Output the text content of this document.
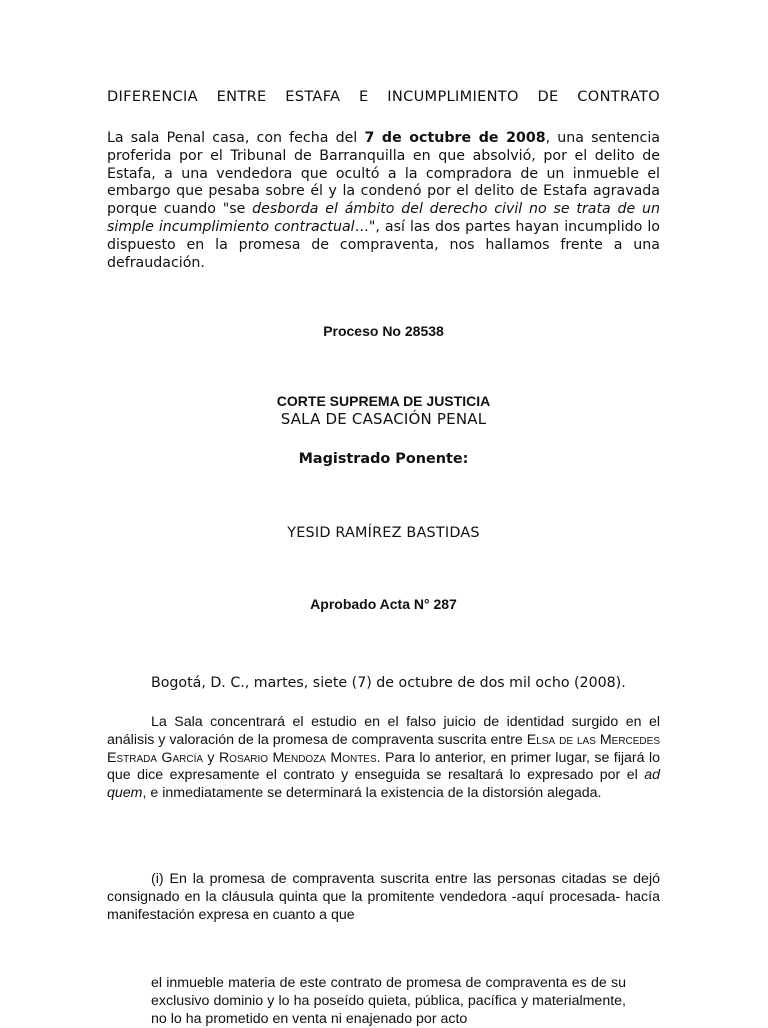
DIFERENCIA ENTRE ESTAFA E INCUMPLIMIENTO DE CONTRATO

La sala Penal casa, con fecha del 7 de octubre de 2008, una sentencia proferida por el Tribunal de Barranquilla en que absolvió, por el delito de Estafa, a una vendedora que ocultó a la compradora de un inmueble el embargo que pesaba sobre él y la condenó por el delito de Estafa agravada porque cuando "se desborda el ámbito del derecho civil no se trata de un simple incumplimiento contractual…", así las dos partes hayan incumplido lo dispuesto en la promesa de compraventa, nos hallamos frente a una defraudación.

Proceso No 28538
CORTE SUPREMA DE JUSTICIA
SALA DE CASACIÓN PENAL
Magistrado Ponente:
YESID RAMÍREZ BASTIDAS
Aprobado Acta N° 287
Bogotá, D. C., martes, siete (7) de octubre de dos mil ocho (2008).

La Sala concentrará el estudio en el falso juicio de identidad surgido en el análisis y valoración de la promesa de compraventa suscrita entre Elsa de las Mercedes Estrada García y Rosario Mendoza Montes. Para lo anterior, en primer lugar, se fijará lo que dice expresamente el contrato y enseguida se resaltará lo expresado por el ad quem, e inmediatamente se determinará la existencia de la distorsión alegada.

(i) En la promesa de compraventa suscrita entre las personas citadas se dejó consignado en la cláusula quinta que la promitente vendedora -aquí procesada- hacía manifestación expresa en cuanto a que

el inmueble materia de este contrato de promesa de compraventa es de su exclusivo dominio y lo ha poseído quieta, pública, pacífica y materialmente, no lo ha prometido en venta ni enajenado por acto
